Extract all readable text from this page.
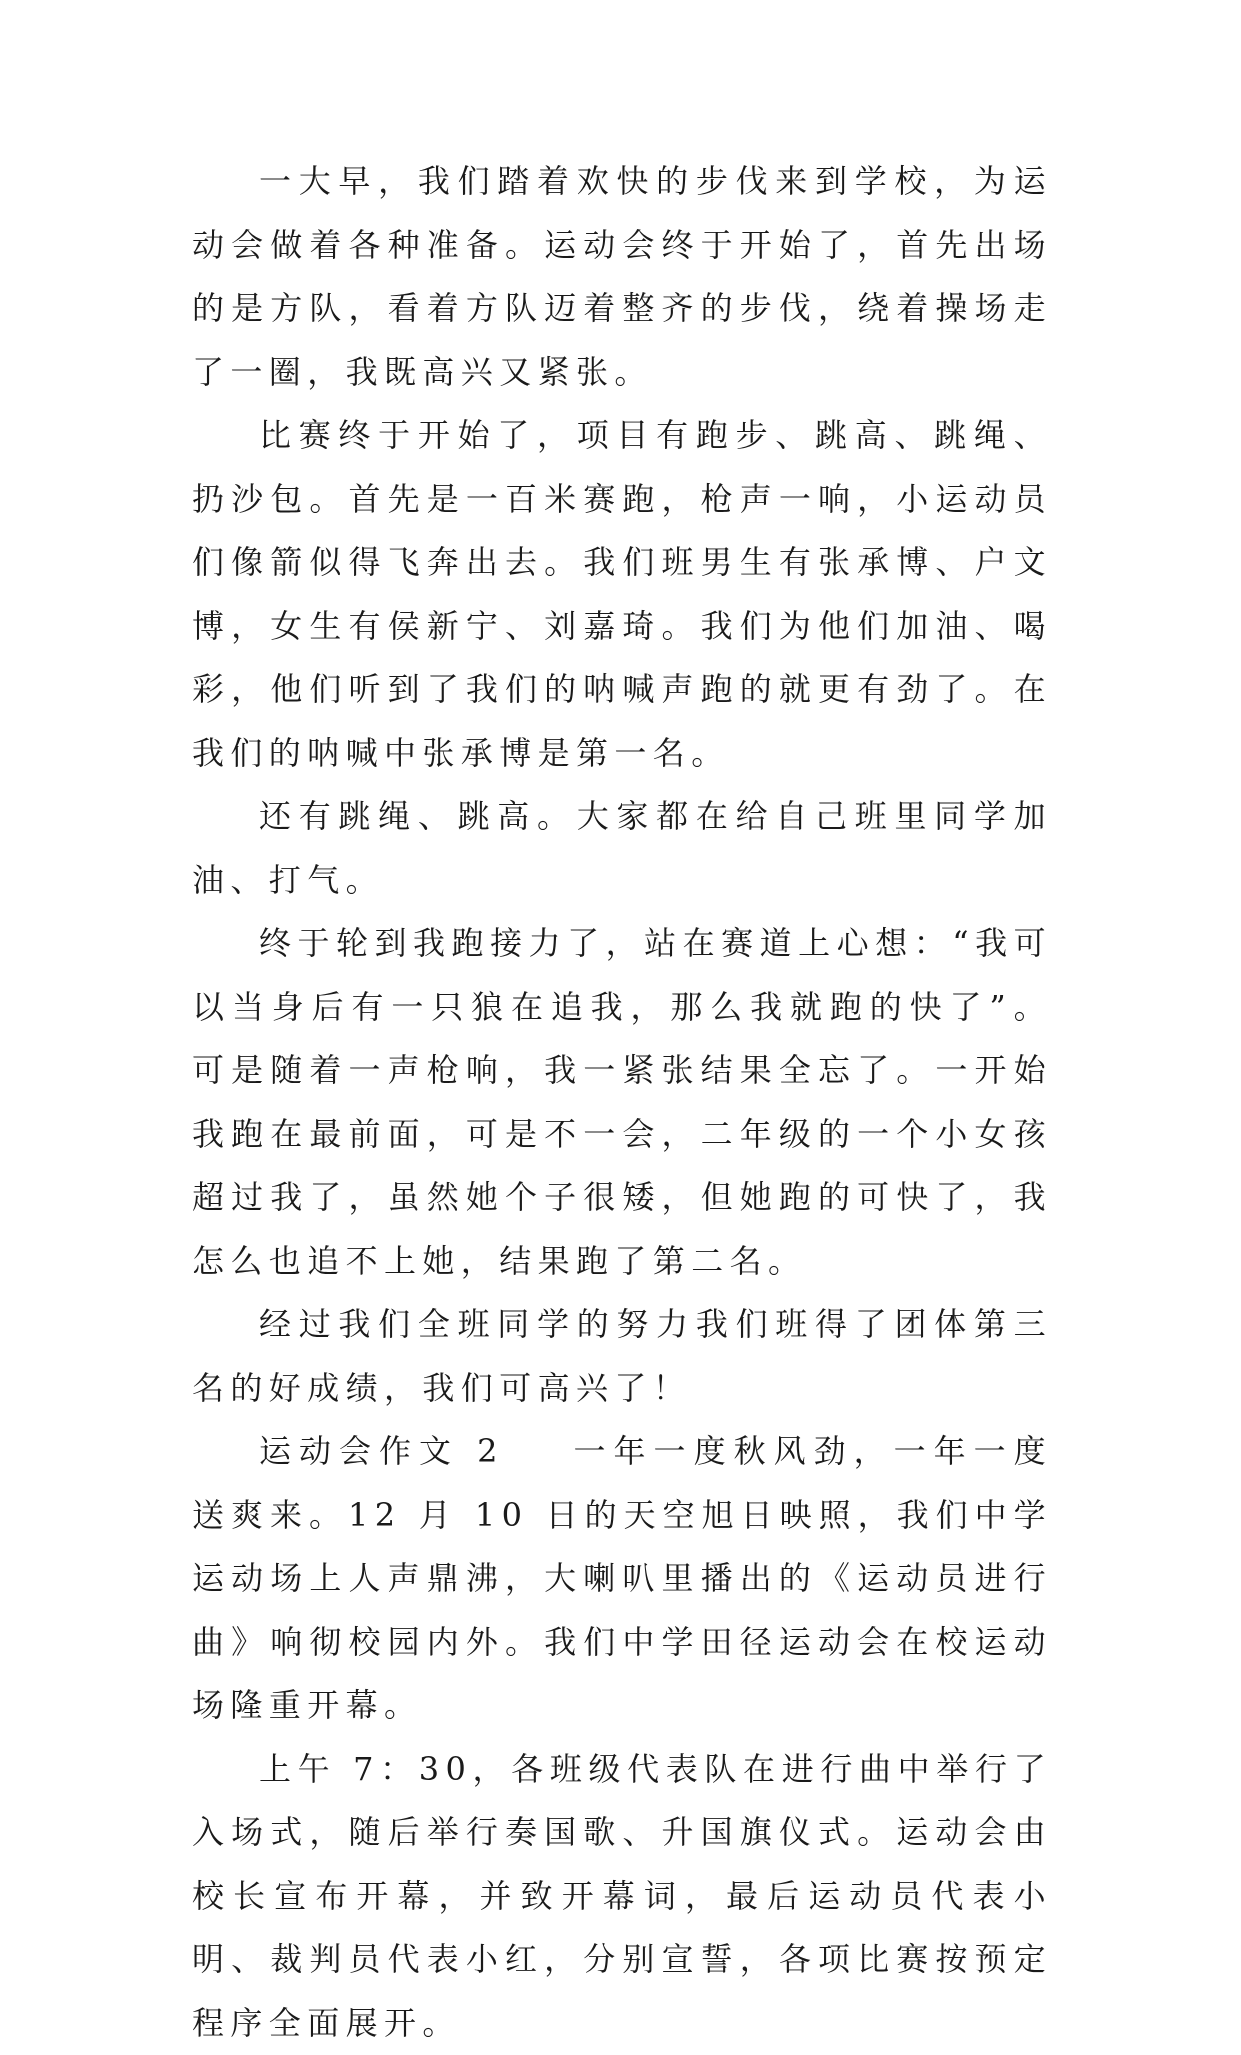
一大早，我们踏着欢快的步伐来到学校，为运动会做着各种准备。运动会终于开始了，首先出场的是方队，看着方队迈着整齐的步伐，绕着操场走了一圈，我既高兴又紧张。

比赛终于开始了，项目有跑步、跳高、跳绳、扔沙包。首先是一百米赛跑，枪声一响，小运动员们像箭似得飞奔出去。我们班男生有张承博、户文博，女生有侯新宁、刘嘉琦。我们为他们加油、喝彩，他们听到了我们的呐喊声跑的就更有劲了。在我们的呐喊中张承博是第一名。

还有跳绳、跳高。大家都在给自己班里同学加油、打气。

终于轮到我跑接力了，站在赛道上心想：“我可以当身后有一只狼在追我，那么我就跑的快了”。可是随着一声枪响，我一紧张结果全忘了。一开始我跑在最前面，可是不一会，二年级的一个小女孩超过我了，虽然她个子很矮，但她跑的可快了，我怎么也追不上她，结果跑了第二名。

经过我们全班同学的努力我们班得了团体第三名的好成绩，我们可高兴了！

运动会作文 2 一年一度秋风劲，一年一度送爽来。12 月 10 日的天空旭日映照，我们中学运动场上人声鼎沸，大喇叭里播出的《运动员进行曲》响彻校园内外。我们中学田径运动会在校运动场隆重开幕。

上午 7：30，各班级代表队在进行曲中举行了入场式，随后举行奏国歌、升国旗仪式。运动会由校长宣布开幕，并致开幕词，最后运动员代表小明、裁判员代表小红，分别宣誓，各项比赛按预定程序全面展开。
